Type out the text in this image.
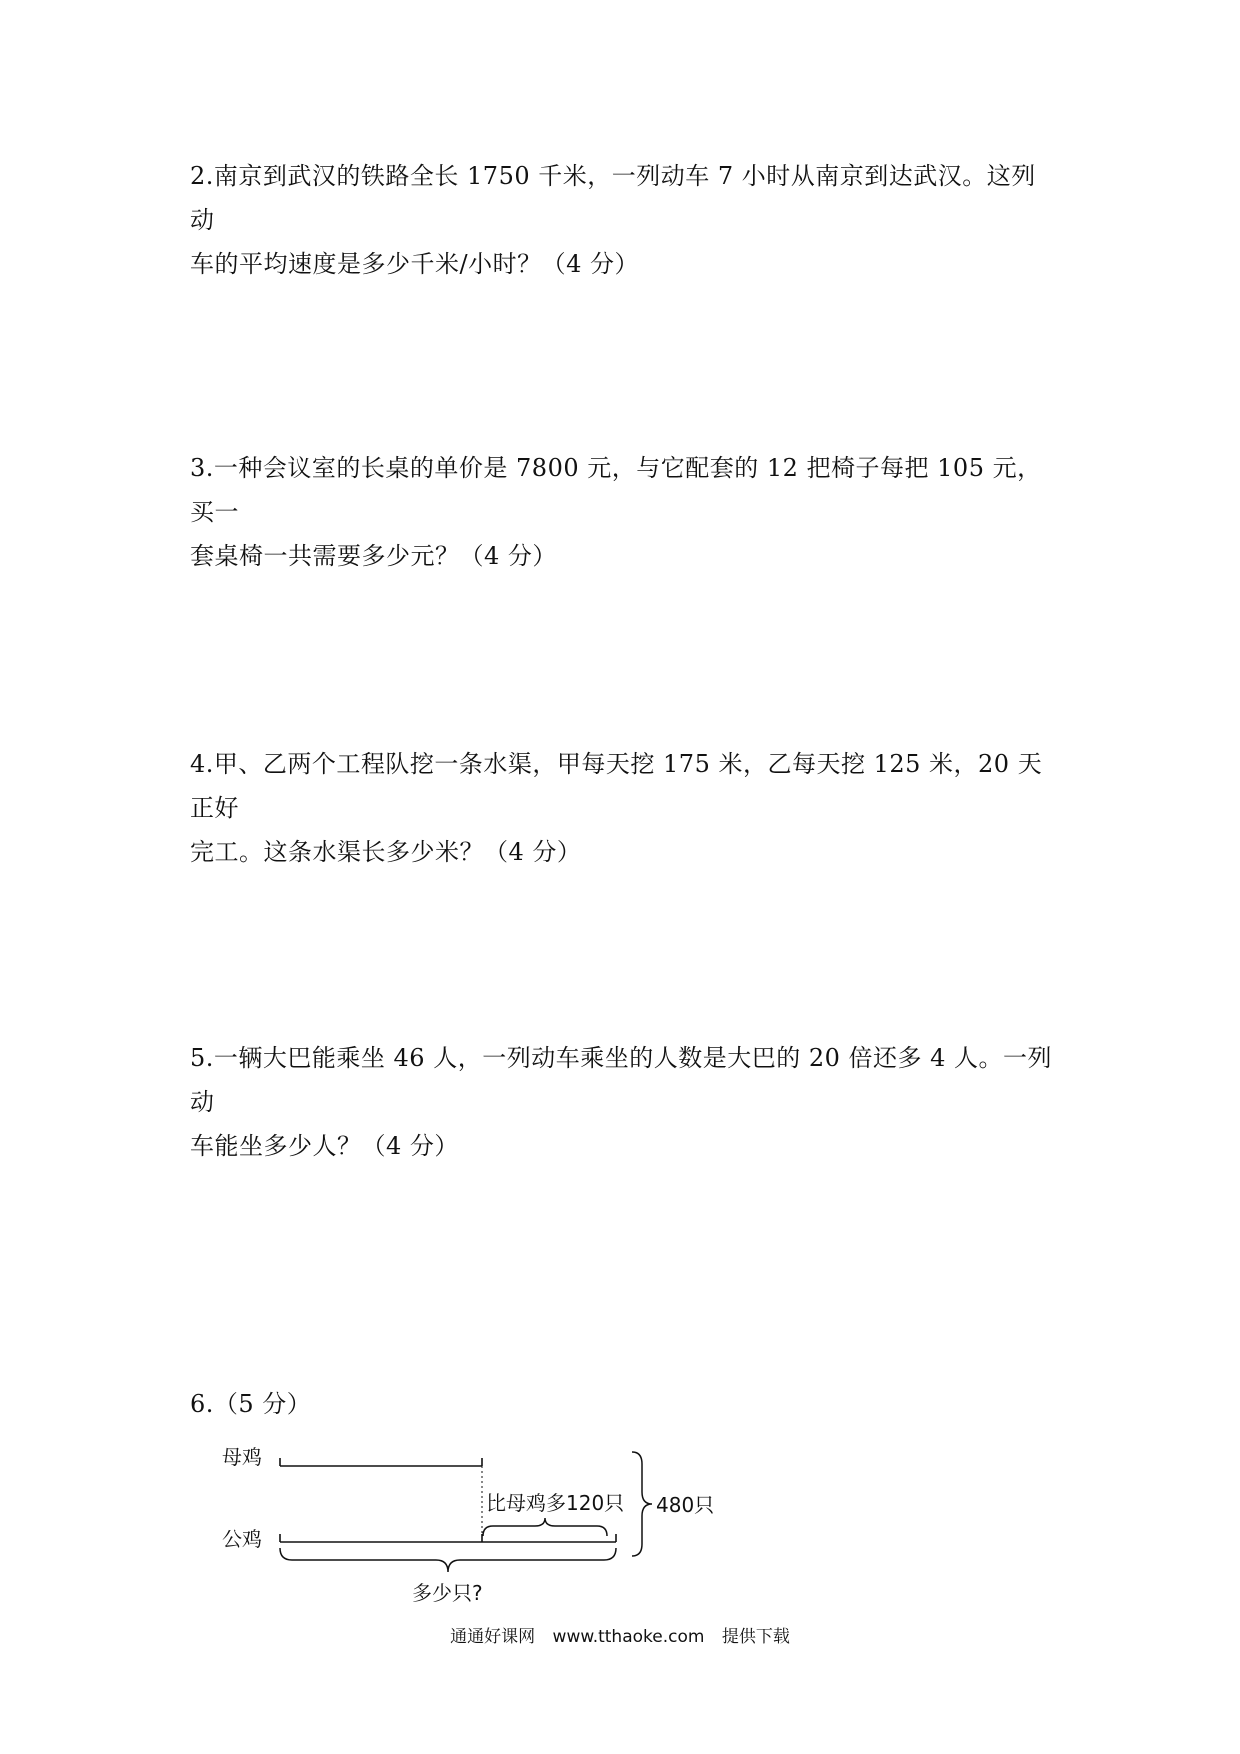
2.南京到武汉的铁路全长 1750 千米，一列动车 7 小时从南京到达武汉。这列动
车的平均速度是多少千米/小时？（4 分）
3.一种会议室的长桌的单价是 7800 元，与它配套的 12 把椅子每把 105 元，买一
套桌椅一共需要多少元？（4 分）
4.甲、乙两个工程队挖一条水渠，甲每天挖 175 米，乙每天挖 125 米，20 天正好
完工。这条水渠长多少米？（4 分）
5.一辆大巴能乘坐 46 人，一列动车乘坐的人数是大巴的 20 倍还多 4 人。一列动
车能坐多少人？（4 分）
6.（5 分）
母鸡
比母鸡多120只
公鸡
多少只?
480只
通通好课网 www.tthaoke.com 提供下载
